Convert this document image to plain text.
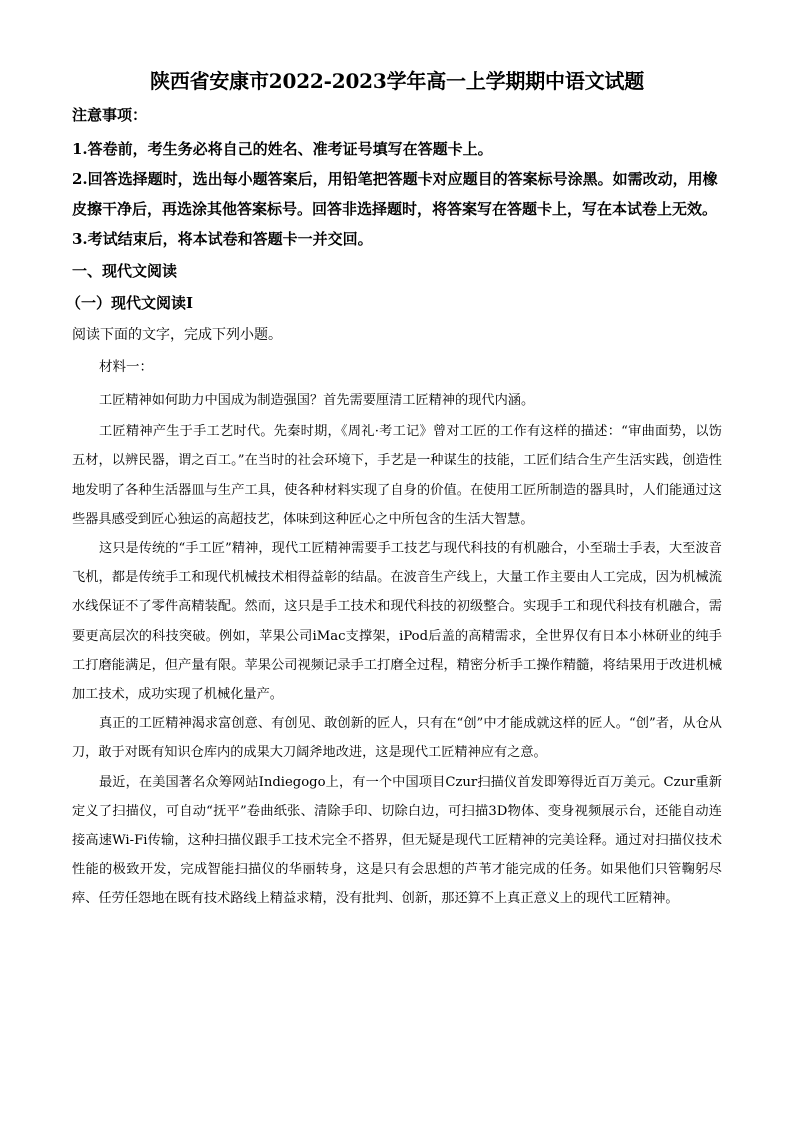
陕西省安康市2022-2023学年高一上学期期中语文试题

注意事项：

1.答卷前，考生务必将自己的姓名、准考证号填写在答题卡上。

2.回答选择题时，选出每小题答案后，用铅笔把答题卡对应题目的答案标号涂黑。如需改动，用橡皮擦干净后，再选涂其他答案标号。回答非选择题时，将答案写在答题卡上，写在本试卷上无效。

3.考试结束后，将本试卷和答题卡一并交回。

一、现代文阅读

（一）现代文阅读Ⅰ

阅读下面的文字，完成下列小题。

材料一：

工匠精神如何助力中国成为制造强国？首先需要厘清工匠精神的现代内涵。

工匠精神产生于手工艺时代。先秦时期，《周礼·考工记》曾对工匠的工作有这样的描述：“审曲面势，以饬五材，以辨民器，谓之百工。”在当时的社会环境下，手艺是一种谋生的技能，工匠们结合生产生活实践，创造性地发明了各种生活器皿与生产工具，使各种材料实现了自身的价值。在使用工匠所制造的器具时，人们能通过这些器具感受到匠心独运的高超技艺，体味到这种匠心之中所包含的生活大智慧。

这只是传统的“手工匠”精神，现代工匠精神需要手工技艺与现代科技的有机融合，小至瑞士手表，大至波音飞机，都是传统手工和现代机械技术相得益彰的结晶。在波音生产线上，大量工作主要由人工完成，因为机械流水线保证不了零件高精装配。然而，这只是手工技术和现代科技的初级整合。实现手工和现代科技有机融合，需要更高层次的科技突破。例如，苹果公司iMac支撑架，iPod后盖的高精需求，全世界仅有日本小林研业的纯手工打磨能满足，但产量有限。苹果公司视频记录手工打磨全过程，精密分析手工操作精髓，将结果用于改进机械加工技术，成功实现了机械化量产。

真正的工匠精神渴求富创意、有创见、敢创新的匠人，只有在“创”中才能成就这样的匠人。“创”者，从仓从刀，敢于对既有知识仓库内的成果大刀阔斧地改进，这是现代工匠精神应有之意。

最近，在美国著名众筹网站Indiegogo上，有一个中国项目Czur扫描仪首发即筹得近百万美元。Czur重新定义了扫描仪，可自动“抚平”卷曲纸张、清除手印、切除白边，可扫描3D物体、变身视频展示台，还能自动连接高速Wi-Fi传输，这种扫描仪跟手工技术完全不搭界，但无疑是现代工匠精神的完美诠释。通过对扫描仪技术性能的极致开发，完成智能扫描仪的华丽转身，这是只有会思想的芦苇才能完成的任务。如果他们只管鞠躬尽瘁、任劳任怨地在既有技术路线上精益求精，没有批判、创新，那还算不上真正意义上的现代工匠精神。
